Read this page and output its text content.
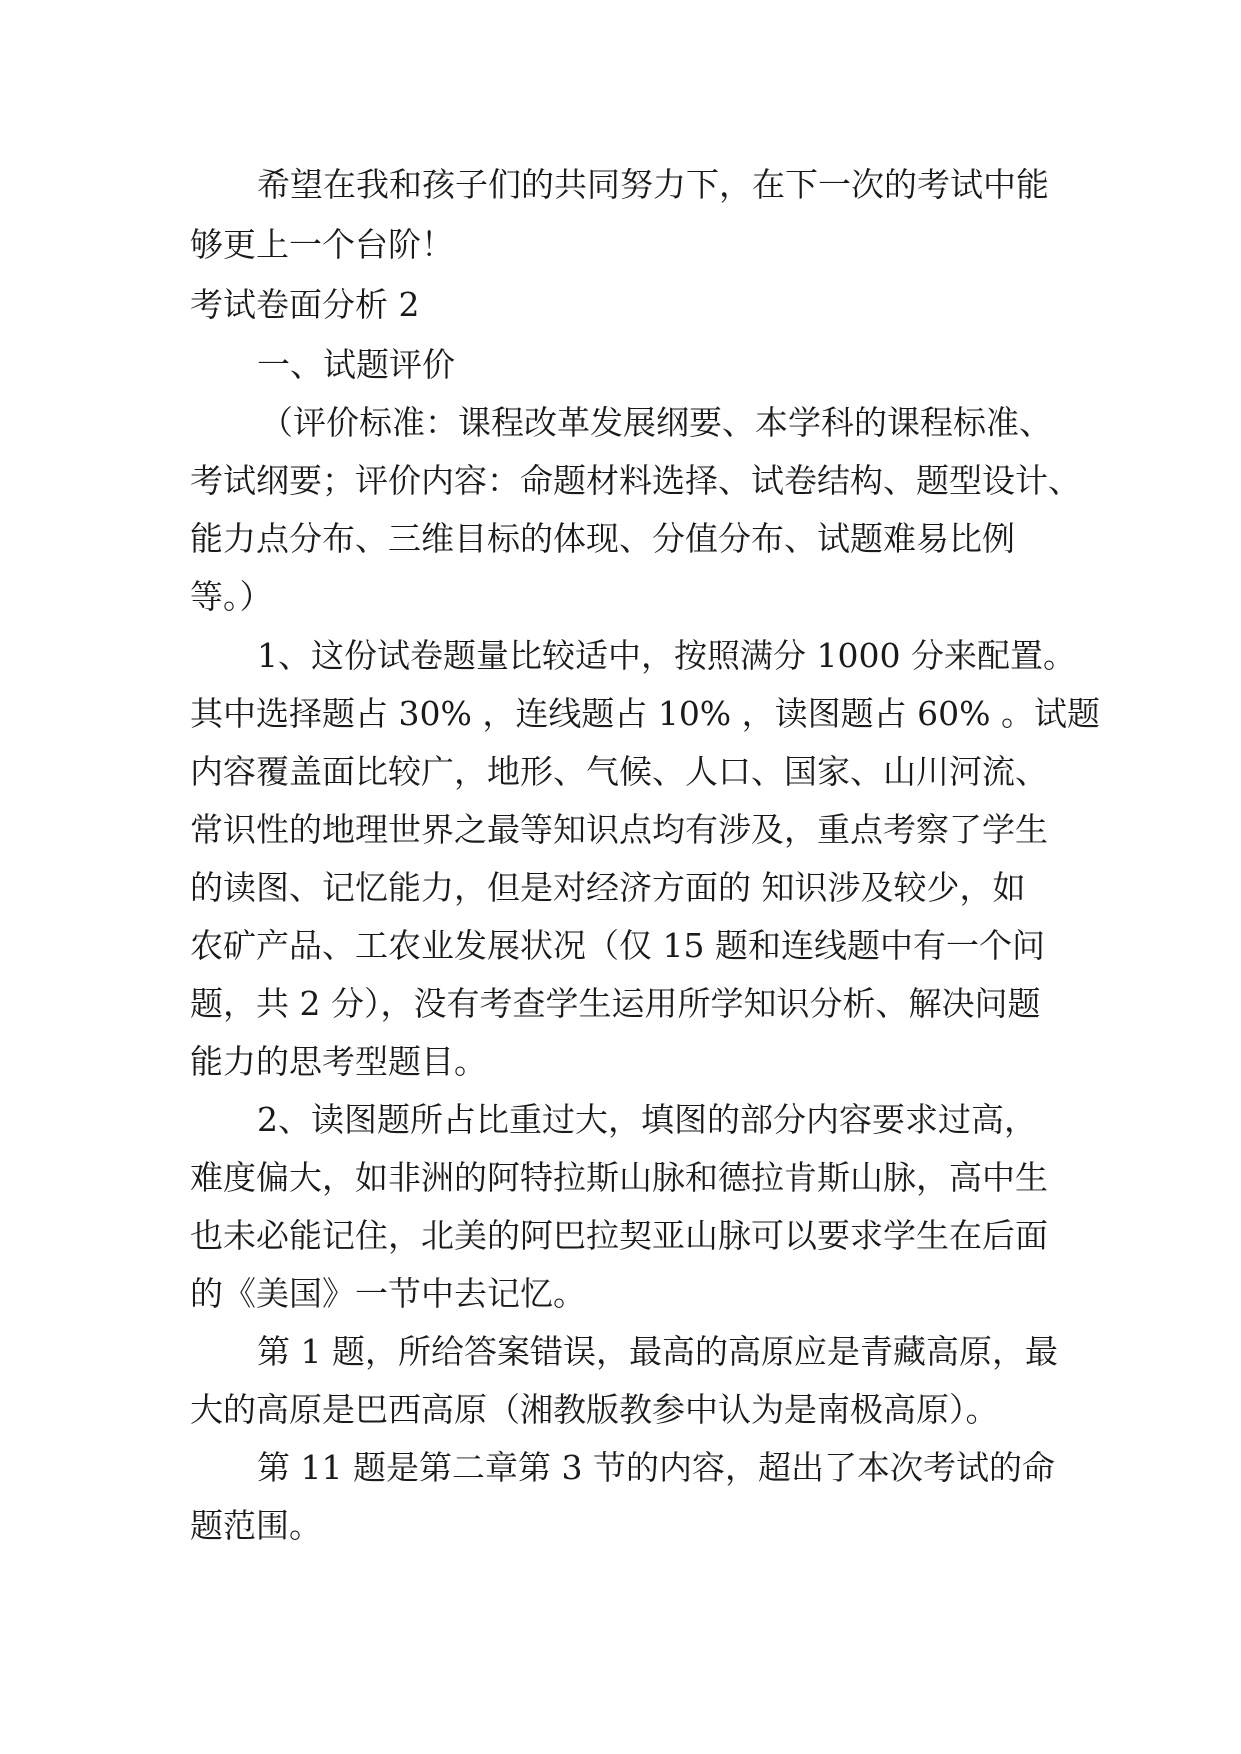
希望在我和孩子们的共同努力下，在下一次的考试中能
够更上一个台阶！
考试卷面分析 2
一、试题评价
（评价标准：课程改革发展纲要、本学科的课程标准、
考试纲要；评价内容：命题材料选择、试卷结构、题型设计、
能力点分布、三维目标的体现、分值分布、试题难易比例
等。）
1、这份试卷题量比较适中，按照满分 1000 分来配置。
其中选择题占 30% ，连线题占 10% ，读图题占 60% 。试题
内容覆盖面比较广，地形、气候、人口、国家、山川河流、
常识性的地理世界之最等知识点均有涉及，重点考察了学生
的读图、记忆能力，但是对经济方面的 知识涉及较少，如
农矿产品、工农业发展状况（仅 15 题和连线题中有一个问
题，共 2 分），没有考查学生运用所学知识分析、解决问题
能力的思考型题目。
2、读图题所占比重过大，填图的部分内容要求过高，
难度偏大，如非洲的阿特拉斯山脉和德拉肯斯山脉，高中生
也未必能记住，北美的阿巴拉契亚山脉可以要求学生在后面
的《美国》一节中去记忆。
第 1 题，所给答案错误，最高的高原应是青藏高原，最
大的高原是巴西高原（湘教版教参中认为是南极高原）。
第 11 题是第二章第 3 节的内容，超出了本次考试的命
题范围。
